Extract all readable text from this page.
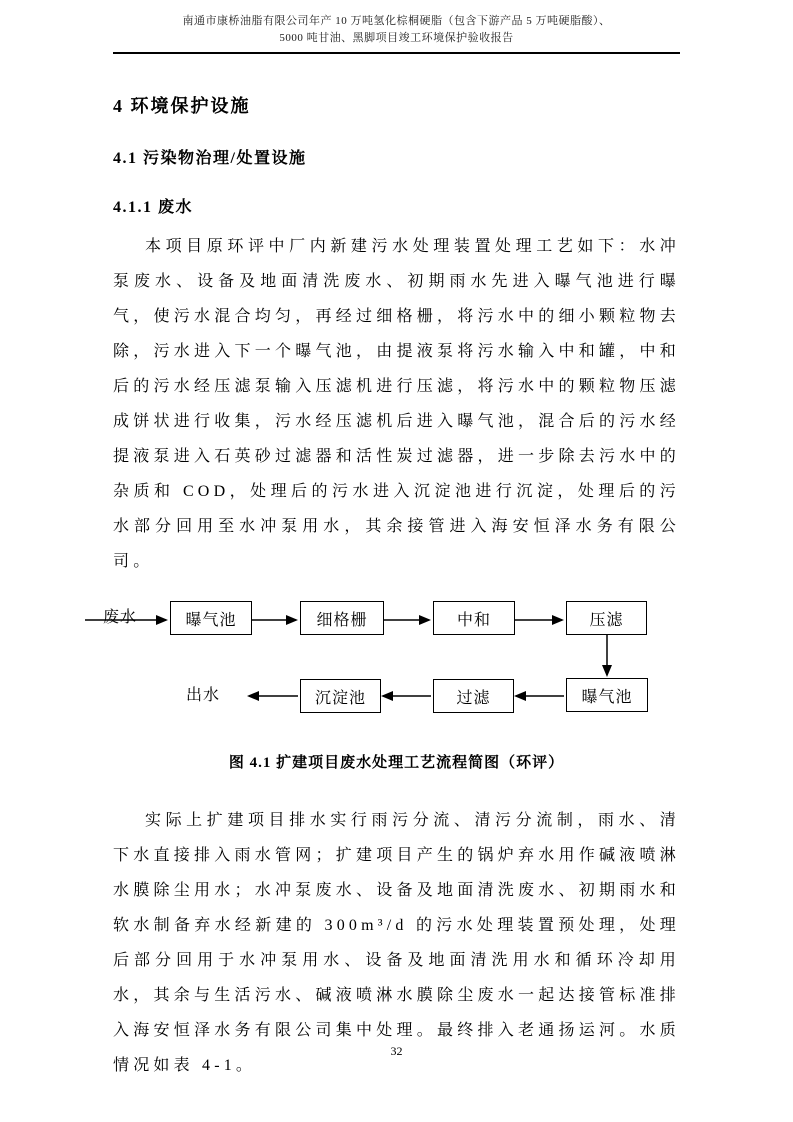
南通市康桥油脂有限公司年产 10 万吨氢化棕桐硬脂（包含下游产品 5 万吨硬脂酸）、
5000 吨甘油、黑脚项目竣工环境保护验收报告
4 环境保护设施
4.1 污染物治理/处置设施
4.1.1 废水

本项目原环评中厂内新建污水处理装置处理工艺如下：水冲泵废水、设备及地面清洗废水、初期雨水先进入曝气池进行曝气，使污水混合均匀，再经过细格栅，将污水中的细小颗粒物去除，污水进入下一个曝气池，由提液泵将污水输入中和罐，中和后的污水经压滤泵输入压滤机进行压滤，将污水中的颗粒物压滤成饼状进行收集，污水经压滤机后进入曝气池，混合后的污水经提液泵进入石英砂过滤器和活性炭过滤器，进一步除去污水中的杂质和 COD，处理后的污水进入沉淀池进行沉淀，处理后的污水部分回用至水冲泵用水，其余接管进入海安恒泽水务有限公司。

废水	曝气池	细格栅	中和	压滤
曝气池
过滤
沉淀池
出水
图 4.1 扩建项目废水处理工艺流程简图（环评）

实际上扩建项目排水实行雨污分流、清污分流制，雨水、清下水直接排入雨水管网；扩建项目产生的锅炉弃水用作碱液喷淋水膜除尘用水；水冲泵废水、设备及地面清洗废水、初期雨水和软水制备弃水经新建的 300m³/d 的污水处理装置预处理，处理后部分回用于水冲泵用水、设备及地面清洗用水和循环冷却用水，其余与生活污水、碱液喷淋水膜除尘废水一起达接管标准排入海安恒泽水务有限公司集中处理。最终排入老通扬运河。水质情况如表 4-1。

32
